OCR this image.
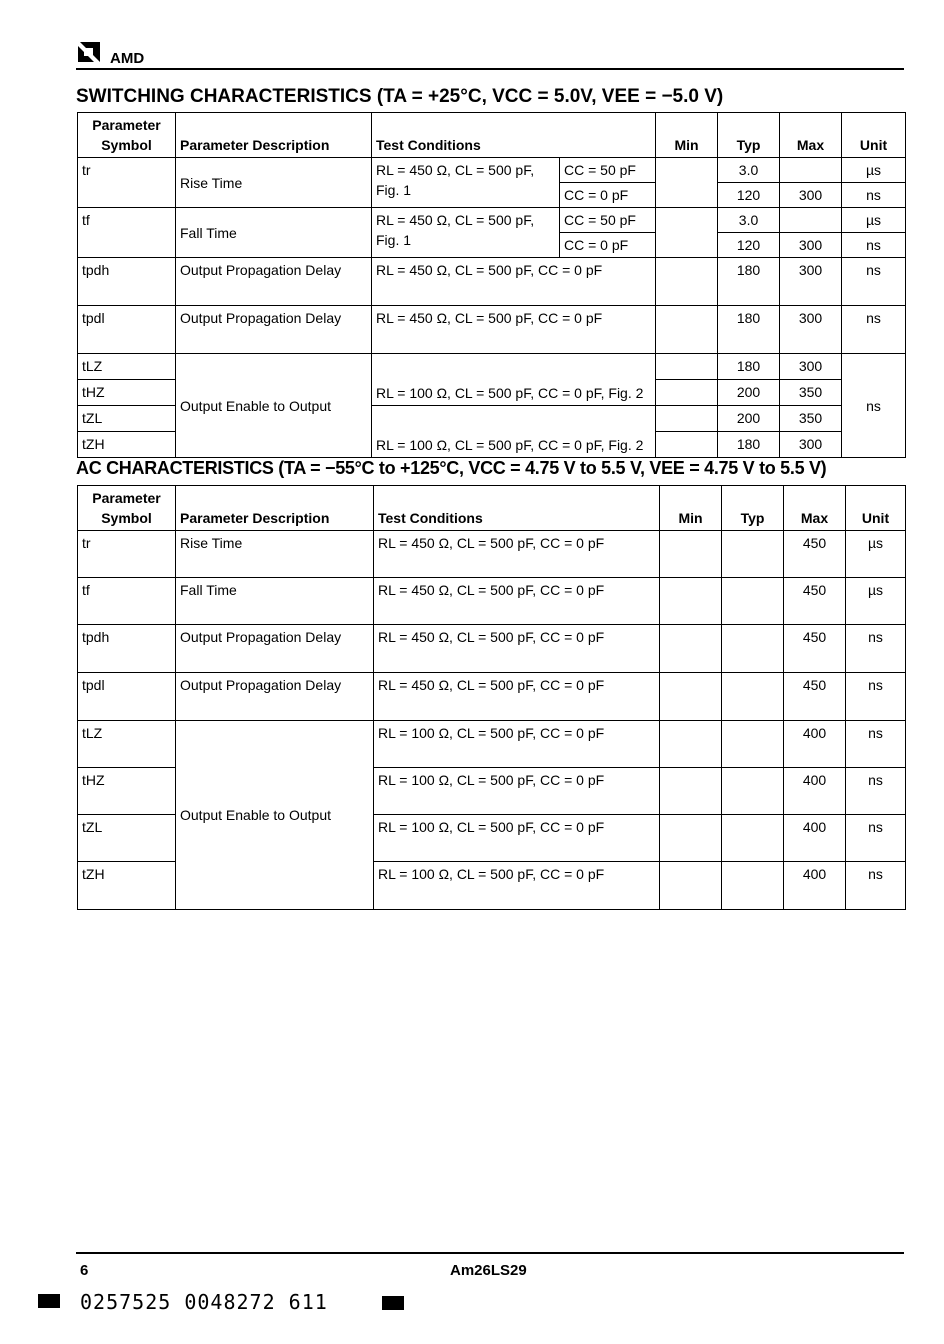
AMD
SWITCHING CHARACTERISTICS (TA = +25°C, VCC = 5.0V, VEE = −5.0 V)
Parameter Symbol	Parameter Description	Test Conditions		Min	Typ	Max	Unit
tr	Rise Time	RL = 450 Ω, CL = 500 pF, Fig. 1	CC = 50 pF		3.0		µs
			CC = 0 pF		120	300	ns
tf	Fall Time	RL = 450 Ω, CL = 500 pF, Fig. 1	CC = 50 pF		3.0		µs
			CC = 0 pF		120	300	ns
tpdh	Output Propagation Delay	RL = 450 Ω, CL = 500 pF, CC = 0 pF			180	300	ns
tpdl	Output Propagation Delay	RL = 450 Ω, CL = 500 pF, CC = 0 pF			180	300	ns
tLZ	Output Enable to Output	RL = 100 Ω, CL = 500 pF, CC = 0 pF, Fig. 2			180	300	ns
tHZ					200	350	
tZL		RL = 100 Ω, CL = 500 pF, CC = 0 pF, Fig. 2			200	350	
tZH					180	300	
AC CHARACTERISTICS (TA = −55°C to +125°C, VCC = 4.75 V to 5.5 V, VEE = 4.75 V to 5.5 V)
Parameter Symbol	Parameter Description	Test Conditions	Min	Typ	Max	Unit
tr	Rise Time	RL = 450 Ω, CL = 500 pF, CC = 0 pF			450	µs
tf	Fall Time	RL = 450 Ω, CL = 500 pF, CC = 0 pF			450	µs
tpdh	Output Propagation Delay	RL = 450 Ω, CL = 500 pF, CC = 0 pF			450	ns
tpdl	Output Propagation Delay	RL = 450 Ω, CL = 500 pF, CC = 0 pF			450	ns
tLZ	Output Enable to Output	RL = 100 Ω, CL = 500 pF, CC = 0 pF			400	ns
tHZ		RL = 100 Ω, CL = 500 pF, CC = 0 pF			400	ns
tZL		RL = 100 Ω, CL = 500 pF, CC = 0 pF			400	ns
tZH		RL = 100 Ω, CL = 500 pF, CC = 0 pF			400	ns
6	Am26LS29
0257525 0048272 611
